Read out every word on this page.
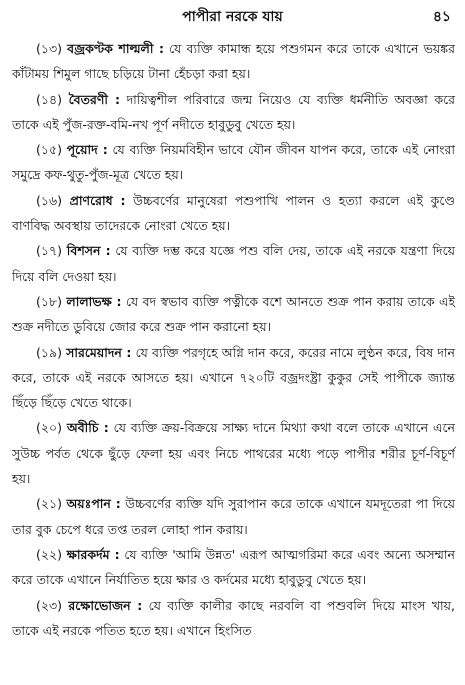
পাপীরা নরকে যায়	৪১

(১৩) বজ্রকণ্টক শাল্মলী : যে ব্যক্তি কামান্ধ হয়ে পশুগমন করে তাকে এখানে ভয়ঙ্কর কাঁটাময় শিমুল গাছে চড়িয়ে টানা হেঁচড়া করা হয়।

(১৪) বৈতরণী : দায়িত্বশীল পরিবারে জন্ম নিয়েও যে ব্যক্তি ধর্মনীতি অবজ্ঞা করে তাকে এই পুঁজ-রক্ত-বমি-নখ পূর্ণ নদীতে হাবুডুবু খেতে হয়।

(১৫) পূয়োদ : যে ব্যক্তি নিয়মবিহীন ভাবে যৌন জীবন যাপন করে, তাকে এই নোংরা সমুদ্রে কফ-থুতু-পুঁজ-মূত্র খেতে হয়।

(১৬) প্রাণরোধ : উচ্চবর্ণের মানুষেরা পশুপাখি পালন ও হত্যা করলে এই কুণ্ডে বাণবিদ্ধ অবস্থায় তাদেরকে নোংরা খেতে হয়।

(১৭) বিশসন : যে ব্যক্তি দম্ভ করে যজ্ঞে পশু বলি দেয়, তাকে এই নরকে যন্ত্রণা দিয়ে দিয়ে বলি দেওয়া হয়।

(১৮) লালাভক্ষ : যে বদ স্বভাব ব্যক্তি পত্নীকে বশে আনতে শুক্র পান করায় তাকে এই শুক্র নদীতে ডুবিয়ে জোর করে শুক্র পান করানো হয়।

(১৯) সারমেয়াদন : যে ব্যক্তি পরগৃহে অগ্নি দান করে, করের নামে লুণ্ঠন করে, বিষ দান করে, তাকে এই নরকে আসতে হয়। এখানে ৭২০টি বজ্রদংষ্ট্রা কুকুর সেই পাপীকে জ্যান্ত ছিঁড়ে ছিঁড়ে খেতে থাকে।

(২০) অবীচি : যে ব্যক্তি ক্রয়-বিক্রয়ে সাক্ষ্য দানে মিথ্যা কথা বলে তাকে এখানে এনে সুউচ্চ পর্বত থেকে ছুঁড়ে ফেলা হয় এবং নিচে পাথরের মধ্যে পড়ে পাপীর শরীর চূর্ণ-বিচূর্ণ হয়।

(২১) অয়ঃপান : উচ্চবর্ণের ব্যক্তি যদি সুরাপান করে তাকে এখানে যমদূতেরা পা দিয়ে তার বুক চেপে ধরে তপ্ত তরল লোহা পান করায়।

(২২) ক্ষারকর্দম : যে ব্যক্তি 'আমি উন্নত' এরূপ আত্মগরিমা করে এবং অন্যে অসম্মান করে তাকে এখানে নির্যাতিত হয়ে ক্ষার ও কর্দমের মধ্যে হাবুডুবু খেতে হয়।

(২৩) রক্ষোভোজন : যে ব্যক্তি কালীর কাছে নরবলি বা পশুবলি দিয়ে মাংস খায়, তাকে এই নরকে পতিত হতে হয়। এখানে হিংসিত
